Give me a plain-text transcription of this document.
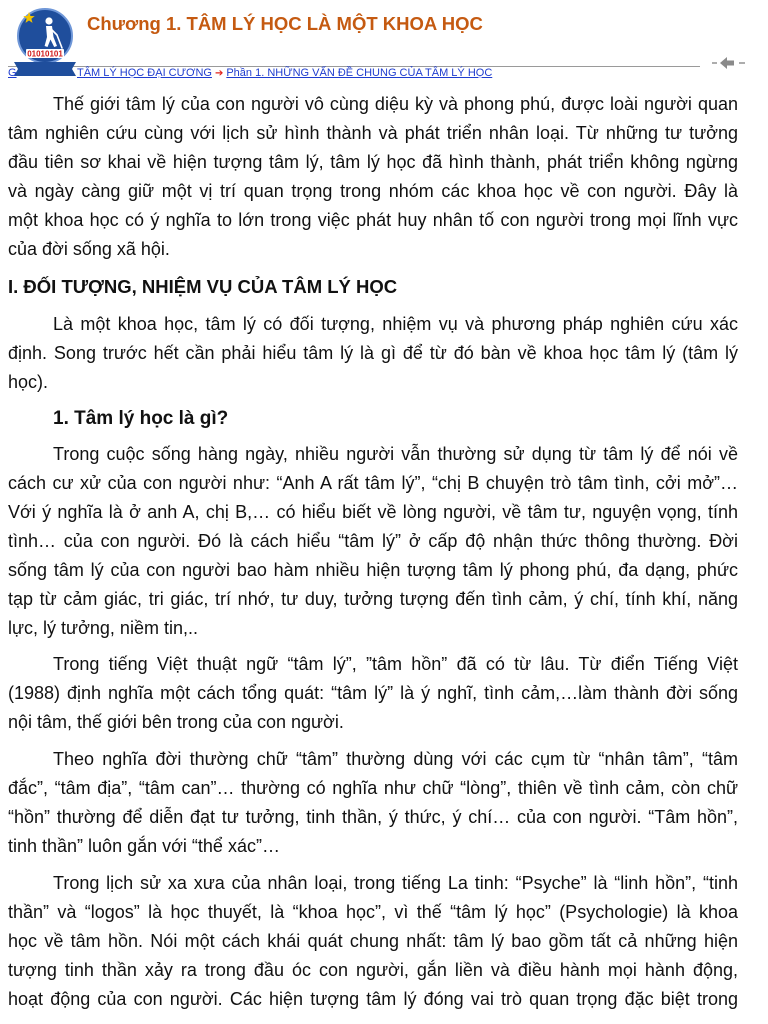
01010101
Chương 1. TÂM LÝ HỌC LÀ MỘT KHOA HỌC
G	TÂM LÝ HỌC ĐẠI CƯƠNG ➔ Phần 1. NHỮNG VẤN ĐỀ CHUNG CỦA TÂM LÝ HỌC
Thế giới tâm lý của con người vô cùng diệu kỳ và phong phú, được loài người quan
tâm nghiên cứu cùng với lịch sử hình thành và phát triển nhân loại. Từ những tư tưởng
đầu tiên sơ khai về hiện tượng tâm lý, tâm lý học đã hình thành, phát triển không ngừng
và ngày càng giữ một vị trí quan trọng trong nhóm các khoa học về con người. Đây là
một khoa học có ý nghĩa to lớn trong việc phát huy nhân tố con người trong mọi lĩnh vực
của đời sống xã hội.
I. ĐỐI TƯỢNG, NHIỆM VỤ CỦA TÂM LÝ HỌC
Là một khoa học, tâm lý có đối tượng, nhiệm vụ và phương pháp nghiên cứu xác
định. Song trước hết cần phải hiểu tâm lý là gì để từ đó bàn về khoa học tâm lý (tâm lý
học).
1. Tâm lý học là gì?
Trong cuộc sống hàng ngày, nhiều người vẫn thường sử dụng từ tâm lý để nói về
cách cư xử của con người như: “Anh A rất tâm lý”, “chị B chuyện trò tâm tình, cởi mở”…
Với ý nghĩa là ở anh A, chị B,… có hiểu biết về lòng người, về tâm tư, nguyện vọng, tính
tình… của con người. Đó là cách hiểu “tâm lý” ở cấp độ nhận thức thông thường. Đời
sống tâm lý của con người bao hàm nhiều hiện tượng tâm lý phong phú, đa dạng, phức
tạp từ cảm giác, tri giác, trí nhớ, tư duy, tưởng tượng đến tình cảm, ý chí, tính khí, năng
lực, lý tưởng, niềm tin,..
Trong tiếng Việt thuật ngữ “tâm lý”, ”tâm hồn” đã có từ lâu. Từ điển Tiếng Việt
(1988) định nghĩa một cách tổng quát: “tâm lý” là ý nghĩ, tình cảm,…làm thành đời sống
nội tâm, thế giới bên trong của con người.
Theo nghĩa đời thường chữ “tâm” thường dùng với các cụm từ “nhân tâm”, “tâm
đắc”, “tâm địa”, “tâm can”… thường có nghĩa như chữ “lòng”, thiên về tình cảm, còn chữ
“hồn” thường để diễn đạt tư tưởng, tinh thần, ý thức, ý chí… của con người. “Tâm hồn”,
tinh thần” luôn gắn với “thể xác”…
Trong lịch sử xa xưa của nhân loại, trong tiếng La tinh: “Psyche” là “linh hồn”, “tinh
thần” và “logos” là học thuyết, là “khoa học”, vì thế “tâm lý học” (Psychologie) là khoa
học về tâm hồn. Nói một cách khái quát chung nhất: tâm lý bao gồm tất cả những hiện
tượng tinh thần xảy ra trong đầu óc con người, gắn liền và điều hành mọi hành động,
hoạt động của con người. Các hiện tượng tâm lý đóng vai trò quan trọng đặc biệt trong
